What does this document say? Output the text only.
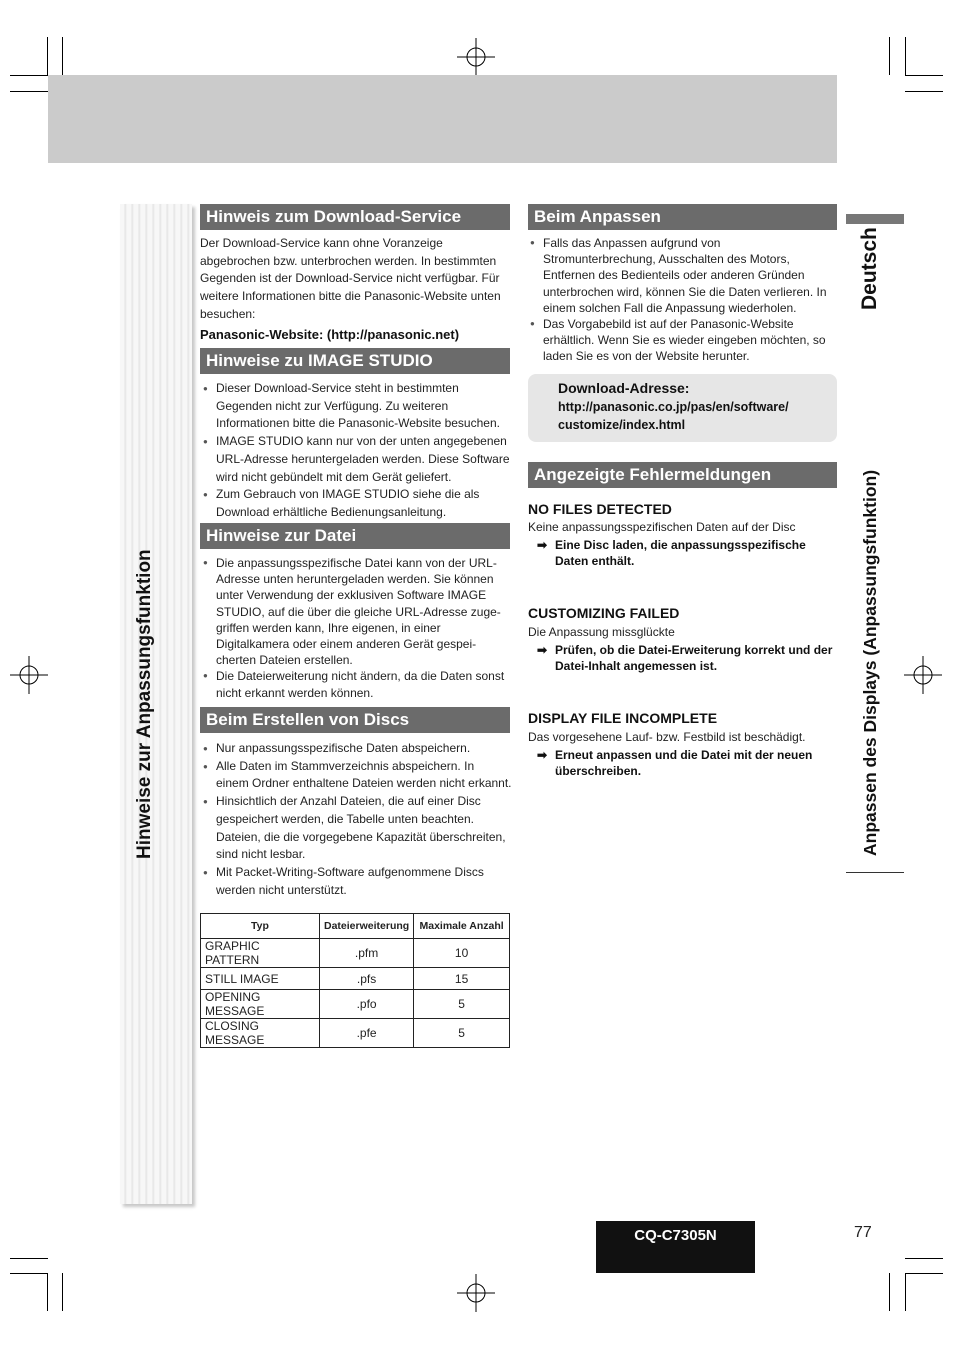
Hinweise zur Anpassungsfunktion
Hinweis zum Download-Service
Der Download-Service kann ohne Voranzeige
abgebrochen bzw. unterbrochen werden. In bestimmten
Gegenden ist der Download-Service nicht verfügbar. Für
weitere Informationen bitte die Panasonic-Website unten
besuchen:
Panasonic-Website: (http://panasonic.net)
Hinweise zu IMAGE STUDIO
● Dieser Download-Service steht in bestimmten
Gegenden nicht zur Verfügung. Zu weiteren
Informationen bitte die Panasonic-Website besuchen.
● IMAGE STUDIO kann nur von der unten angegebenen
URL-Adresse heruntergeladen werden. Diese Software
wird nicht gebündelt mit dem Gerät geliefert.
● Zum Gebrauch von IMAGE STUDIO siehe die als
Download erhältliche Bedienungsanleitung.
Hinweise zur Datei
● Die anpassungsspezifische Datei kann von der URL-
Adresse unten heruntergeladen werden. Sie können
unter Verwendung der exklusiven Software IMAGE
STUDIO, auf die über die gleiche URL-Adresse zuge-
griffen werden kann, Ihre eigenen, in einer
Digitalkamera oder einem anderen Gerät gespei-
cherten Dateien erstellen.
● Die Dateierweiterung nicht ändern, da die Daten sonst
nicht erkannt werden können.
Beim Erstellen von Discs
● Nur anpassungsspezifische Daten abspeichern.
● Alle Daten im Stammverzeichnis abspeichern. In
einem Ordner enthaltene Dateien werden nicht erkannt.
● Hinsichtlich der Anzahl Dateien, die auf einer Disc
gespeichert werden, die Tabelle unten beachten.
Dateien, die die vorgegebene Kapazität überschreiten,
sind nicht lesbar.
● Mit Packet-Writing-Software aufgenommene Discs
werden nicht unterstützt.
Typ	Dateierweiterung	Maximale Anzahl
GRAPHIC PATTERN	.pfm	10
STILL IMAGE	.pfs	15
OPENING MESSAGE	.pfo	5
CLOSING MESSAGE	.pfe	5
Beim Anpassen
● Falls das Anpassen aufgrund von
Stromunterbrechung, Ausschalten des Motors,
Entfernen des Bedienteils oder anderen Gründen
unterbrochen wird, können Sie die Daten verlieren. In
einem solchen Fall die Anpassung wiederholen.
● Das Vorgabebild ist auf der Panasonic-Website
erhältlich. Wenn Sie es wieder eingeben möchten, so
laden Sie es von der Website herunter.
Download-Adresse:
http://panasonic.co.jp/pas/en/software/
customize/index.html
Angezeigte Fehlermeldungen
NO FILES DETECTED
Keine anpassungsspezifischen Daten auf der Disc
➡ Eine Disc laden, die anpassungsspezifische
Daten enthält.
CUSTOMIZING FAILED
Die Anpassung missglückte
➡ Prüfen, ob die Datei-Erweiterung korrekt und der
Datei-Inhalt angemessen ist.
DISPLAY FILE INCOMPLETE
Das vorgesehene Lauf- bzw. Festbild ist beschädigt.
➡ Erneut anpassen und die Datei mit der neuen
überschreiben.
Deutsch
Anpassen des Displays (Anpassungsfunktion)
CQ-C7305N	77
